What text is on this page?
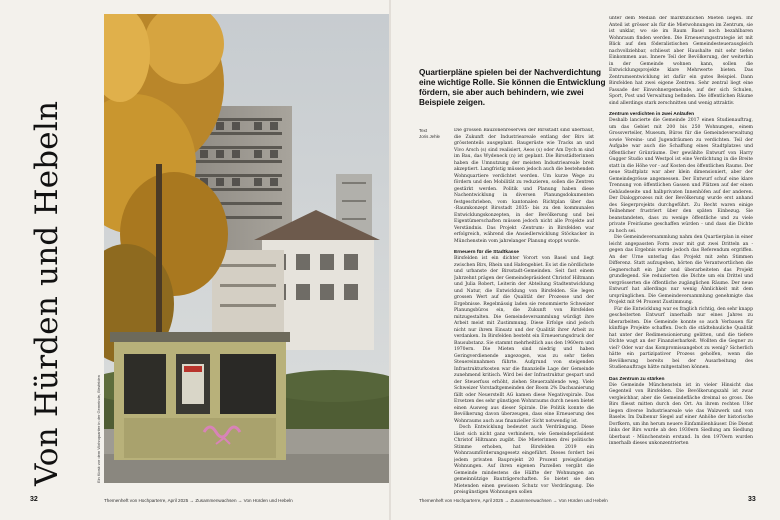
Von Hürden und Hebeln	Ein Kiosk vor dem Wohnquartier in der Gemeinde, Birsfelden
32	Themenheft von Hochparterre, April 2025 → Zusammenwachsen → Von Hürden und Hebeln
Quartierpläne spielen bei der Nachverdichtung eine wichtige Rolle. Sie können die Entwicklung fördern, sie aber auch behindern, wie zwei Beispiele zeigen.
Text
Joris Jehle

Die grossen Bauzonenreserven der Birsstadt sind überbaut, die Zukunft der Industrieareale entlang der Birs ist grösstenteils ausgeplant. Baugerüste wie Tracks an und Vivo Arsch (s) sind realisiert, Aeos (s) oder Am Dych m sind im Bau, das Wydeneck (n) ist geplant. Die Birsstädterinnen haben die Umnutzung der meisten Industrieareale breit akzeptiert. Langfristig müssen jedoch auch die bestehenden Wohnquartiere verdichtet werden. Um kurze Wege zu fördern und den Mobilität zu reduzieren, sollen die Zentren gestärkt werden. Politik und Planung haben diese Nachentwicklung in diversen Planungsdokumenten festgeschrieben, vom kantonalen Richtplan über das ‹Raumkonzept Birsstadt 2035› bis zu den kommunalen Entwicklungskonzepten, in der Bevölkerung und bei Eigentümerschaften müssen jedoch nicht alle Projekte auf Verständnis. Das Projekt ‹Zentrum› in Birsfelden war erfolgreich, während die Ansiedlerwicklung Stöckacker in Münchenstein vom jahrelanger Planung stoppt wurde.

Erneuern für die Stadtkasse

Birsfelden ist ein dichter Vorort von Basel und liegt zwischen Birs, Rhein und Hafengebiet. Es ist die nördlichste und urbanste der Birsstadt-Gemeinden. Seit fast einem Jahrzehnt prägen der Gemeindepräsident Christof Hiltmann und Julia Robert, Leiterin der Abteilung Stadtentwicklung und Natur, die Entwicklung von Birsfelden. Sie legen grossen Wert auf die Qualität der Prozesse und der Ergebnisse. Regelmässig laden sie renommierte Schweizer Planungsbüros ein, die Zukunft von Birsfelden mitzugestalten. Die Gemeindeversammlung würdigt ihre Arbeit meist mit Zustimmung. Diese Erfolge sind jedoch nicht nur ihrem Einsatz und der Qualität ihrer Arbeit zu verdanken. In Birsfelden besteht ein Erneuerungsdruck der Bausubstanz. Sie stammt mehrheitlich aus den 1960ern und 1970ern. Die Mieten sind niedrig und haben Geringverdienende angezogen, was zu sehr tiefen Steuereinnahmen führte. Aufgrund von steigenden Infrastrukturkosten war die finanzielle Lage der Gemeinde zunehmend kritisch. Wird bei der Infrastruktur gespart und der Steuerfuss erhöht, ziehen Steuerzahlende weg. Viele Schweizer Vorstadtgemeinden der Boom 2% Dachsanierung fällt oder Neuerstellt AG kamen diese Negativspirale. Das Ersetzen des sehr günstigen Wohnraums durch neuen bietet einen Ausweg aus dieser Spirale. Die Politik konnte die Bevölkerung davon überzeugen, dass eine Erneuerung des Wohnraums auch aus finanzieller Sicht notwendig ist.

Doch Entwicklung bedeutet auch Verdrängung. Diese lässt sich nicht ganz verhindern, wie Gemeindepräsident Christof Hiltmann zugibt. Die Mieterinnen drei politische Stimme erhoben, hat Birsfelden 2019 ein Wohnraumförderungsgesetz eingeführt. Dieses fordert bei jedem privaten Bauprojekt 20 Prozent preisgünstige Wohnungen. Auf ihren eigenen Parzellen vergibt die Gemeinde mindestens die Hälfte der Wohnungen an gemeinnützige Bauträgerschaften. So bietet sie den Mietenden einen gewissen Schutz vor Verdrängung. Die preisgünstigen Wohnungen sollen

unter dem Median der marktüblichen Mieten liegen. Ihr Anteil ist grösser als für die Mietwohnungen im Zentrum, sie ist unklar, wo sie im Raum Basel noch bezahlbaren Wohnraum finden werden. Die Erneuerungsstrategie ist mit Blick auf den föderalistischen Gemeindesteuerausgleich nachvollziehbar, schliesst aber Haushalte mit sehr tiefen Einkommen aus. Innere Teil der Bevölkerung, der weiterhin in der Gemeinde wohnen kann, sollen die Entwicklungsprojekte klare Mehrwerte bieten. Das Zentrumsentwicklung ist dafür ein gutes Beispiel. Dann Birsfelden hat zwei eigene Zentren. Sehr zentral liegt eine Fassade der Einwohnergemeinde, auf der sich Schulen, Sport, Post und Verwaltung befinden. Die öffentlichen Räume sind allerdings stark zerschnitten und wenig attraktiv.

Zentrum verdichten in zwei Anläufen

Deshalb lancierte die Gemeinde 2017 einen Studienauftrag, um das Gebiet mit 200 bis 250 Wohnungen, einem Grossverteiler, Museum, Büros für die Gemeindeverwaltung sowie Vereins- und Jugendräumen zu verdichten. Teil der Aufgabe war auch die Schaffung eines Stadtplatzes und öffentlicher Grünräume. Der gewählte Entwurf von Harry Gugger Studio und Westpol ist eine Verdichtung in die Breite statt in die Höhe vor - auf Kosten des öffentlichen Raums. Der neue Stadtplatz war aber klein dimensioniert, aber der Gemeindegrösse angemessen. Der Entwurf schuf eine klare Trennung von öffentlichen Gassen und Plätzen auf der einen Gebäudeseite und halbprivaten Innenhöfen auf der anderen. Der Dialogprozess mit der Bevölkerung wurde erst anhand des Siegerprojekts durchgeführt. Zu Recht waren einige Teilnehmer frustriert über den späten Einbezug. Sie beanstandeten, dass zu wenige öffentliche und zu viele private Freiräume geschaffen würden - und dass die Dichte zu hoch sei.

Die Gemeindeversammlung nahm den Quartierplan in einer leicht angepassten Form zwar mit gut zwei Dritteln an - gegen das Ergebnis wurde jedoch das Referendum ergriffen. An der Urne unterlag das Projekt mit zehn Stimmen Differenz. Statt aufzugeben, hörten die Verantwortlichen die Gegnerschaft ein Jahr und überarbeiteten das Projekt grundlegend. Sie reduzierten die Dichte um ein Drittel und vergrösserten die öffentliche zugänglichen Räume. Der neue Entwurf hat allerdings nur wenig Ähnlichkeit mit dem ursprünglichen. Die Gemeindeversammlung genehmigte das Projekt mit 94 Prozent Zustimmung.

Für die Entwicklung war es fraglich richtig, den sehr knapp gescheiterten Entwurf innerhalb nur eines Jahres zu überarbeiten. Die Gemeinde konnte so auch Verbauen für künftige Projekte schaffen. Doch die städtebauliche Qualität hat unter der Redimensionierung gelitten, und die tiefere Dichte wagt an der Finanzierbarkeit. Wollten die Gegner zu viel? Oder war das Kompromissangebot zu wenig? Sicherlich hätte ein partizipativer Prozess geholfen, wenn die Bevölkerung bereits bei der Ausarbeitung des Studienauftrags hätte mitgestalten können.

Das Zentrum zu stärken

Die Gemeinde Münchenstein ist in vieler Hinsicht das Gegenteil von Birsfelden. Die Bevölkerungszahl ist zwar vergleichbar, aber die Gemeindefläche dreimal so gross. Die Birs fliesst mitten durch den Ort. An ihrem rechten Ufer liegen diverse Industrieareale wie das Walzwerk und von Baselw. Im Dalbenur Siegel auf einer Anhöhe der historische Dorfkern, um ihn herum neuere Einfamilienhäuser. Die Dienst links der Birs wurde ab den 1930ern Siedlung am Siedlung überbaut - Münchenstein erstand. In den 1970ern wurden innerhalb dieses unkonzentrierten

Themenheft von Hochparterre, April 2025 → Zusammenwachsen → Von Hürden und Hebeln	33
